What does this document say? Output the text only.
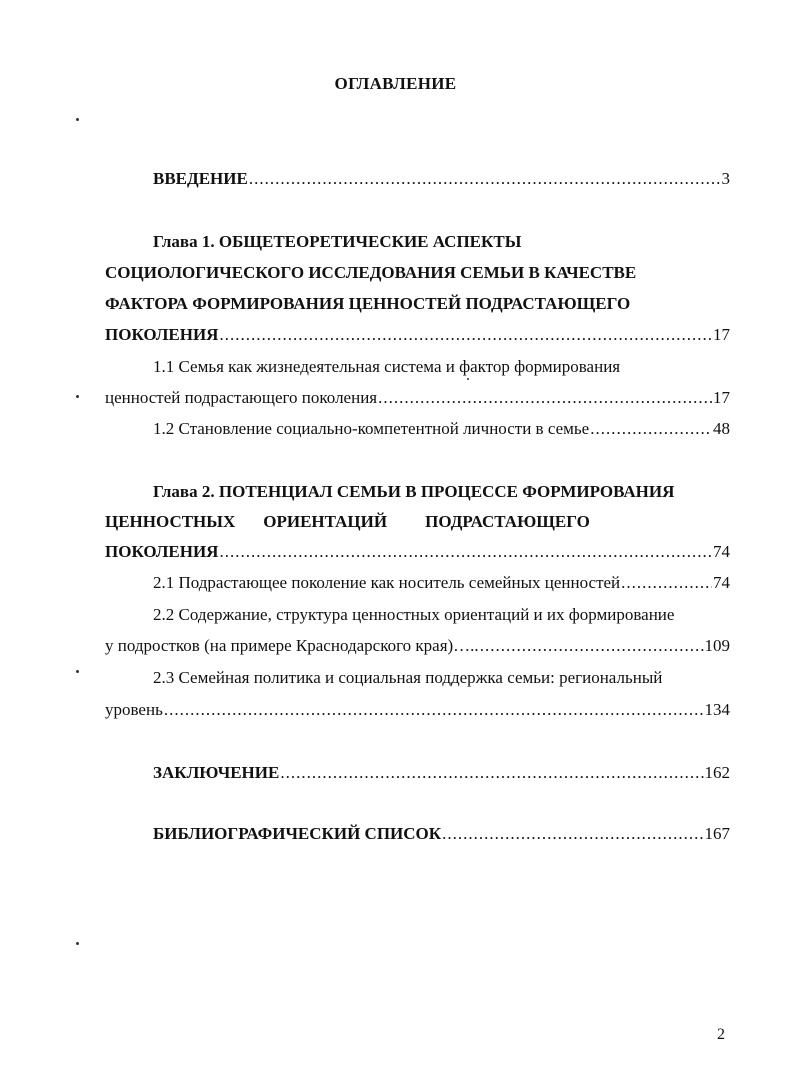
ОГЛАВЛЕНИЕ
ВВЕДЕНИЕ .....	3
Глава 1. ОБЩЕТЕОРЕТИЧЕСКИЕ АСПЕКТЫ
СОЦИОЛОГИЧЕСКОГО ИССЛЕДОВАНИЯ СЕМЬИ В КАЧЕСТВЕ
ФАКТОРА ФОРМИРОВАНИЯ ЦЕННОСТЕЙ ПОДРАСТАЮЩЕГО
ПОКОЛЕНИЯ .....	17
1.1 Семья как жизнедеятельная система и фактор формирования
ценностей подрастающего поколения .....	17
1.2 Становление социально-компетентной личности в семье .....	48
Глава 2. ПОТЕНЦИАЛ СЕМЬИ В ПРОЦЕССЕ ФОРМИРОВАНИЯ
ЦЕННОСТНЫХ ОРИЕНТАЦИЙ ПОДРАСТАЮЩЕГО
ПОКОЛЕНИЯ .....	74
2.1 Подрастающее поколение как носитель семейных ценностей .....	74
2.2 Содержание, структура ценностных ориентаций и их формирование
у подростков (на примере Краснодарского края)….. .....	109
2.3 Семейная политика и социальная поддержка семьи: региональный
уровень .....	134
ЗАКЛЮЧЕНИЕ .....	162
БИБЛИОГРАФИЧЕСКИЙ СПИСОК .....	167
2
